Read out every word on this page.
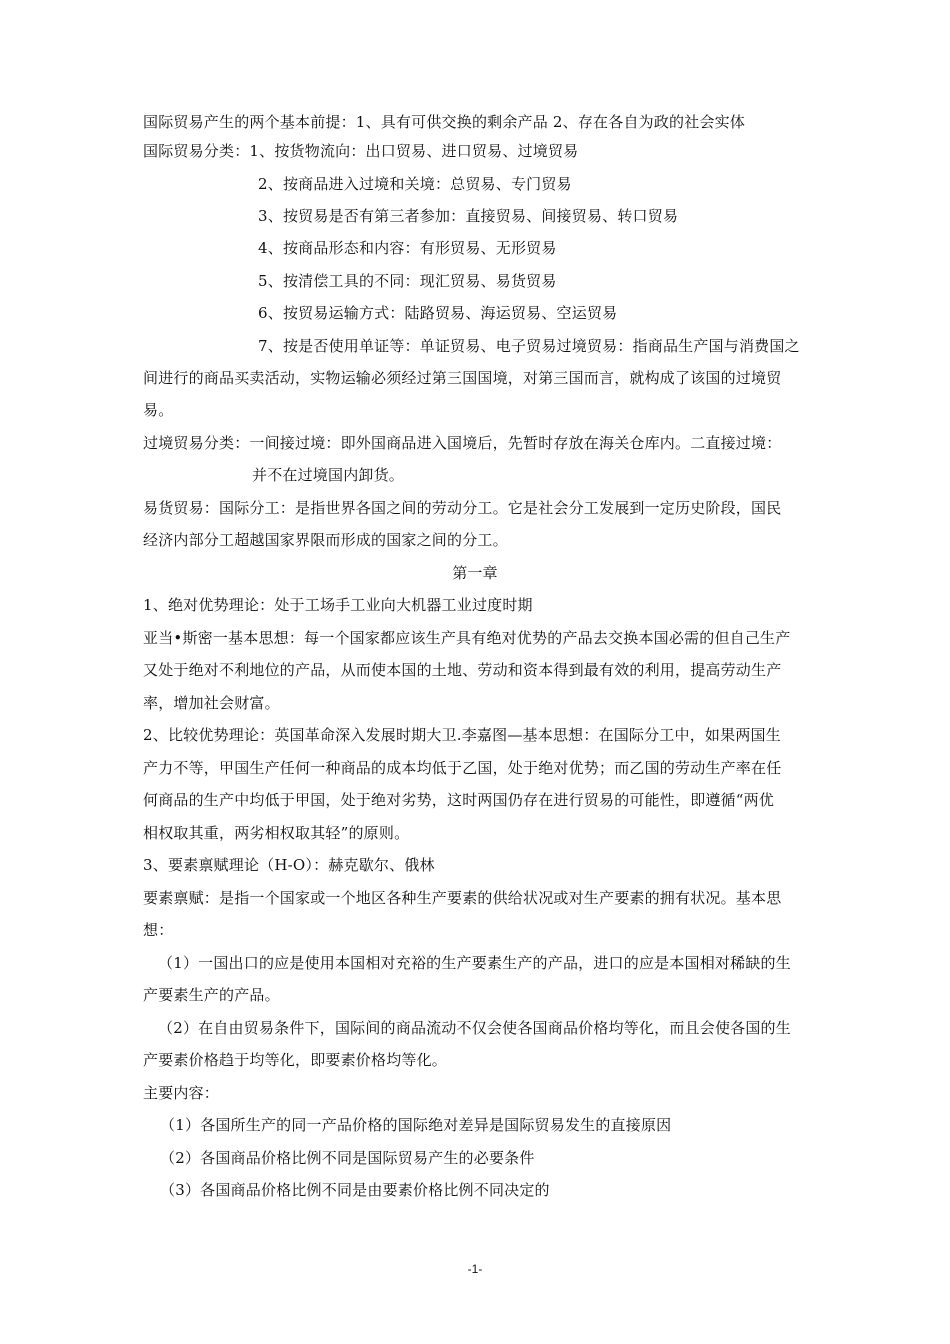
国际贸易产生的两个基本前提：1、具有可供交换的剩余产品 2、存在各自为政的社会实体
国际贸易分类：1、按货物流向：出口贸易、进口贸易、过境贸易
2、按商品进入过境和关境：总贸易、专门贸易
3、按贸易是否有第三者参加：直接贸易、间接贸易、转口贸易
4、按商品形态和内容：有形贸易、无形贸易
5、按清偿工具的不同：现汇贸易、易货贸易
6、按贸易运输方式：陆路贸易、海运贸易、空运贸易
7、按是否使用单证等：单证贸易、电子贸易过境贸易：指商品生产国与消费国之
间进行的商品买卖活动，实物运输必须经过第三国国境，对第三国而言，就构成了该国的过境贸
易。
过境贸易分类：一间接过境：即外国商品进入国境后，先暂时存放在海关仓库内。二直接过境：
并不在过境国内卸货。
易货贸易：国际分工：是指世界各国之间的劳动分工。它是社会分工发展到一定历史阶段，国民
经济内部分工超越国家界限而形成的国家之间的分工。
第一章
1、绝对优势理论：处于工场手工业向大机器工业过度时期
亚当•斯密一基本思想：每一个国家都应该生产具有绝对优势的产品去交换本国必需的但自己生产
又处于绝对不利地位的产品，从而使本国的土地、劳动和资本得到最有效的利用，提高劳动生产
率，增加社会财富。
2、比较优势理论：英国革命深入发展时期大卫.李嘉图—基本思想：在国际分工中，如果两国生
产力不等，甲国生产任何一种商品的成本均低于乙国，处于绝对优势；而乙国的劳动生产率在任
何商品的生产中均低于甲国，处于绝对劣势，这时两国仍存在进行贸易的可能性，即遵循“两优
相权取其重，两劣相权取其轻”的原则。
3、要素禀赋理论（H-O）：赫克歇尔、俄林
要素禀赋：是指一个国家或一个地区各种生产要素的供给状况或对生产要素的拥有状况。基本思
想：
（1）一国出口的应是使用本国相对充裕的生产要素生产的产品，进口的应是本国相对稀缺的生
产要素生产的产品。
（2）在自由贸易条件下，国际间的商品流动不仅会使各国商品价格均等化，而且会使各国的生
产要素价格趋于均等化，即要素价格均等化。
主要内容：
（1）各国所生产的同一产品价格的国际绝对差异是国际贸易发生的直接原因
（2）各国商品价格比例不同是国际贸易产生的必要条件
（3）各国商品价格比例不同是由要素价格比例不同决定的
-1-
